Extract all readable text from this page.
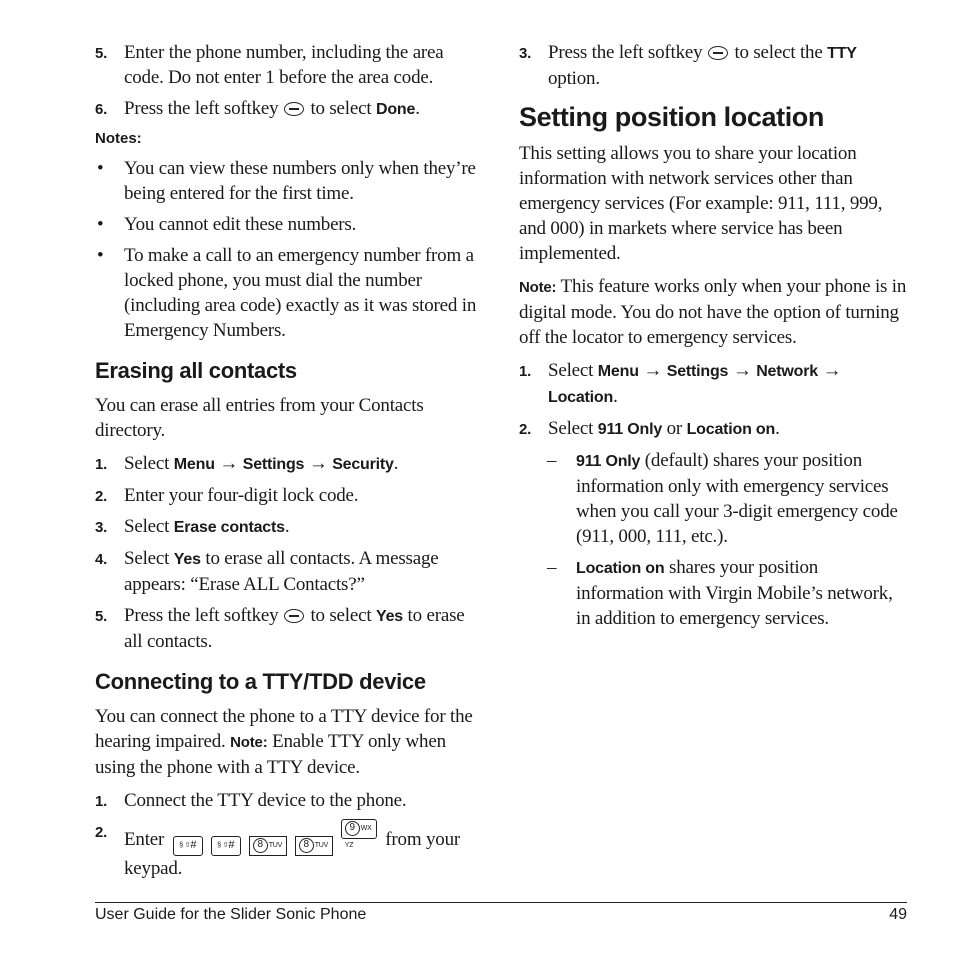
5. Enter the phone number, including the area code. Do not enter 1 before the area code.
6. Press the left softkey to select Done.
Notes:
• You can view these numbers only when they’re being entered for the first time.
• You cannot edit these numbers.
• To make a call to an emergency number from a locked phone, you must dial the number (including area code) exactly as it was stored in Emergency Numbers.
Erasing all contacts

You can erase all entries from your Contacts directory.

1. Select Menu → Settings → Security.
2. Enter your four-digit lock code.
3. Select Erase contacts.
4. Select Yes to erase all contacts. A message appears: “Erase ALL Contacts?”
5. Press the left softkey to select Yes to erase all contacts.
Connecting to a TTY/TDD device

You can connect the phone to a TTY device for the hearing impaired. Note: Enable TTY only when using the phone with a TTY device.

1. Connect the TTY device to the phone.
2. Enter § ⇧#	§ ⇧# 8 TUV 8 TUV9 WX YZ from your keypad.
3. Press the left softkey to select the TTY option.
Setting position location

This setting allows you to share your location information with network services other than emergency services (For example: 911, 111, 999, and 000) in markets where service has been implemented.

Note: This feature works only when your phone is in digital mode. You do not have the option of turning off the locator to emergency services.

1. Select Menu → Settings → Network → Location.
2. Select 911 Only or Location on.
– 911 Only (default) shares your position information only with emergency services when you call your 3-digit emergency code (911, 000, 111, etc.).
– Location on shares your position information with Virgin Mobile’s network, in addition to emergency services.
User Guide for the Slider Sonic Phone	49
